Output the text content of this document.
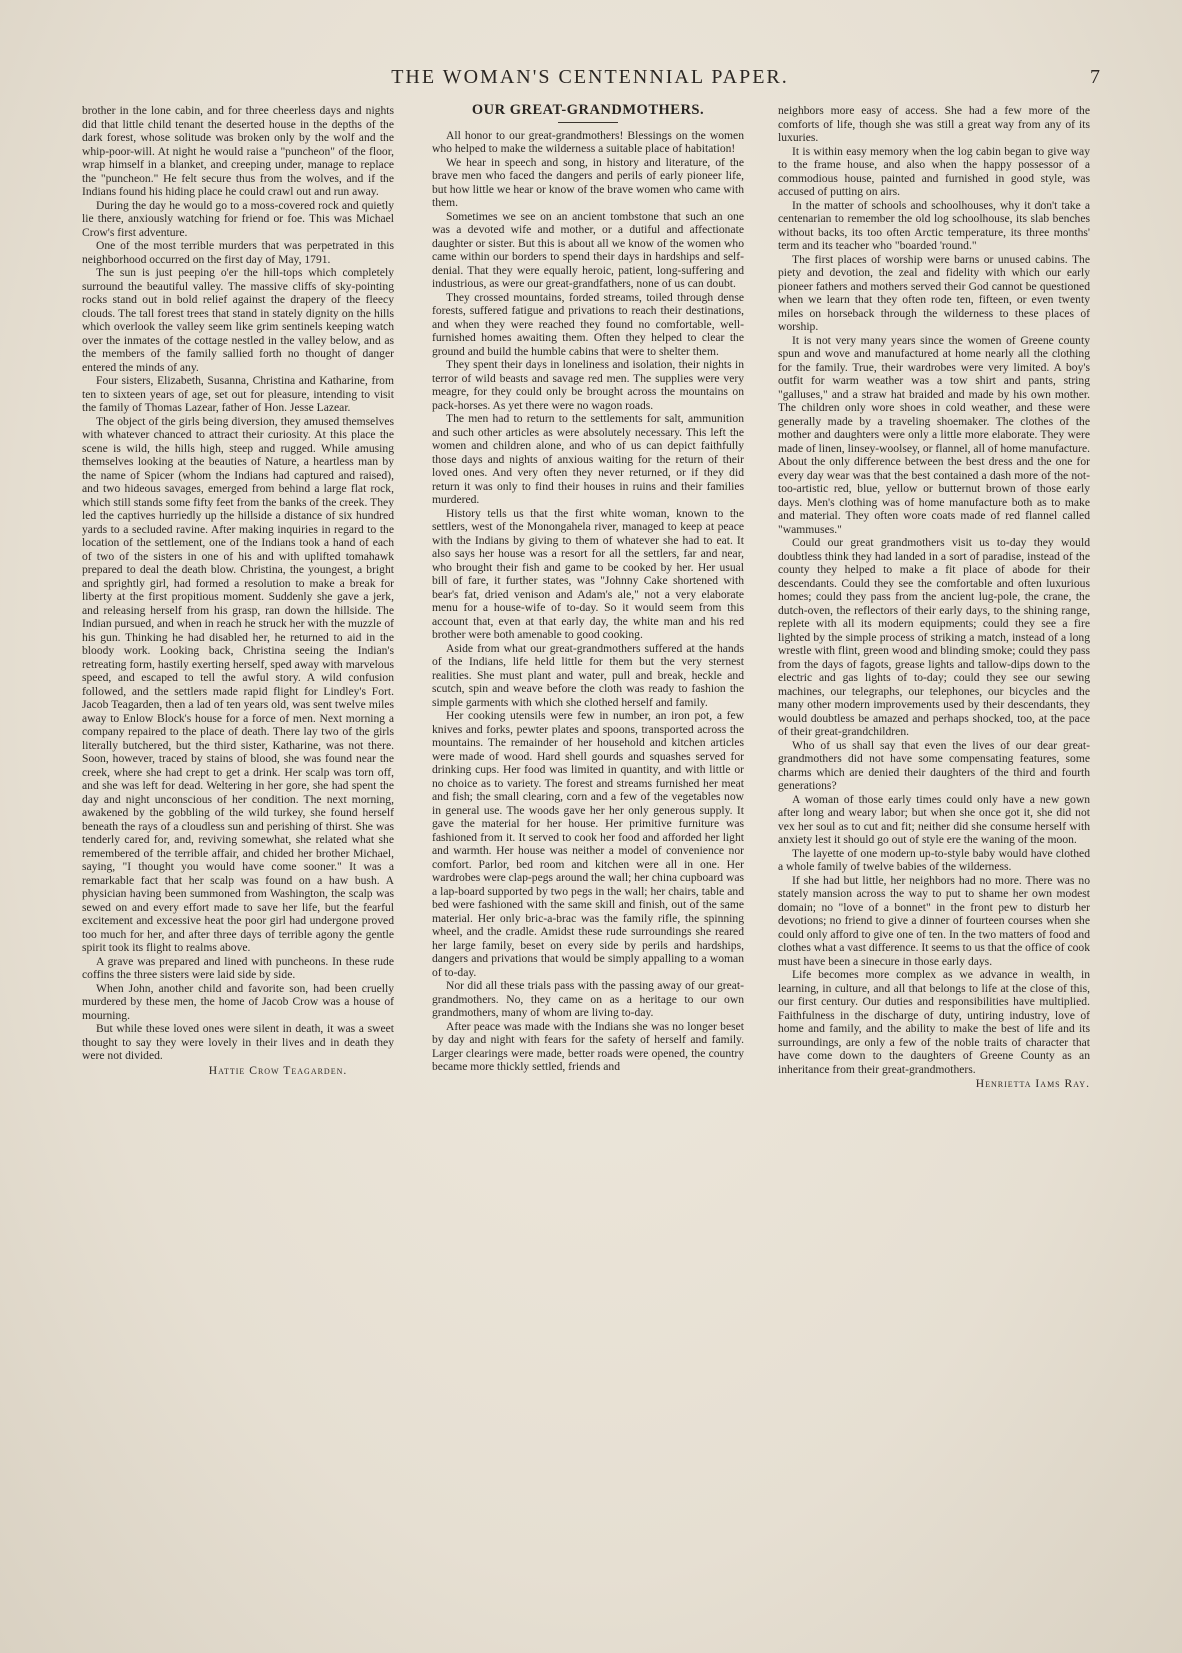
THE WOMAN'S CENTENNIAL PAPER.	7

brother in the lone cabin, and for three cheerless days and nights did that little child tenant the deserted house in the depths of the dark forest, whose solitude was broken only by the wolf and the whip-poor-will. At night he would raise a "puncheon" of the floor, wrap himself in a blanket, and creeping under, manage to replace the "puncheon." He felt secure thus from the wolves, and if the Indians found his hiding place he could crawl out and run away.

During the day he would go to a moss-covered rock and quietly lie there, anxiously watching for friend or foe. This was Michael Crow's first adventure.

One of the most terrible murders that was perpetrated in this neighborhood occurred on the first day of May, 1791.

The sun is just peeping o'er the hill-tops which completely surround the beautiful valley. The massive cliffs of sky-pointing rocks stand out in bold relief against the drapery of the fleecy clouds. The tall forest trees that stand in stately dignity on the hills which overlook the valley seem like grim sentinels keeping watch over the inmates of the cottage nestled in the valley below, and as the members of the family sallied forth no thought of danger entered the minds of any.

Four sisters, Elizabeth, Susanna, Christina and Katharine, from ten to sixteen years of age, set out for pleasure, intending to visit the family of Thomas Lazear, father of Hon. Jesse Lazear.

The object of the girls being diversion, they amused themselves with whatever chanced to attract their curiosity. At this place the scene is wild, the hills high, steep and rugged. While amusing themselves looking at the beauties of Nature, a heartless man by the name of Spicer (whom the Indians had captured and raised), and two hideous savages, emerged from behind a large flat rock, which still stands some fifty feet from the banks of the creek. They led the captives hurriedly up the hillside a distance of six hundred yards to a secluded ravine. After making inquiries in regard to the location of the settlement, one of the Indians took a hand of each of two of the sisters in one of his and with uplifted tomahawk prepared to deal the death blow. Christina, the youngest, a bright and sprightly girl, had formed a resolution to make a break for liberty at the first propitious moment. Suddenly she gave a jerk, and releasing herself from his grasp, ran down the hillside. The Indian pursued, and when in reach he struck her with the muzzle of his gun. Thinking he had disabled her, he returned to aid in the bloody work. Looking back, Christina seeing the Indian's retreating form, hastily exerting herself, sped away with marvelous speed, and escaped to tell the awful story. A wild confusion followed, and the settlers made rapid flight for Lindley's Fort. Jacob Teagarden, then a lad of ten years old, was sent twelve miles away to Enlow Block's house for a force of men. Next morning a company repaired to the place of death. There lay two of the girls literally butchered, but the third sister, Katharine, was not there. Soon, however, traced by stains of blood, she was found near the creek, where she had crept to get a drink. Her scalp was torn off, and she was left for dead. Weltering in her gore, she had spent the day and night unconscious of her condition. The next morning, awakened by the gobbling of the wild turkey, she found herself beneath the rays of a cloudless sun and perishing of thirst. She was tenderly cared for, and, reviving somewhat, she related what she remembered of the terrible affair, and chided her brother Michael, saying, "I thought you would have come sooner." It was a remarkable fact that her scalp was found on a haw bush. A physician having been summoned from Washington, the scalp was sewed on and every effort made to save her life, but the fearful excitement and excessive heat the poor girl had undergone proved too much for her, and after three days of terrible agony the gentle spirit took its flight to realms above.

A grave was prepared and lined with puncheons. In these rude coffins the three sisters were laid side by side.

When John, another child and favorite son, had been cruelly murdered by these men, the home of Jacob Crow was a house of mourning.

But while these loved ones were silent in death, it was a sweet thought to say they were lovely in their lives and in death they were not divided.

Hattie Crow Teagarden.
OUR GREAT-GRANDMOTHERS.

All honor to our great-grandmothers! Blessings on the women who helped to make the wilderness a suitable place of habitation!

We hear in speech and song, in history and literature, of the brave men who faced the dangers and perils of early pioneer life, but how little we hear or know of the brave women who came with them.

Sometimes we see on an ancient tombstone that such an one was a devoted wife and mother, or a dutiful and affectionate daughter or sister. But this is about all we know of the women who came within our borders to spend their days in hardships and self-denial. That they were equally heroic, patient, long-suffering and industrious, as were our great-grandfathers, none of us can doubt.

They crossed mountains, forded streams, toiled through dense forests, suffered fatigue and privations to reach their destinations, and when they were reached they found no comfortable, well-furnished homes awaiting them. Often they helped to clear the ground and build the humble cabins that were to shelter them.

They spent their days in loneliness and isolation, their nights in terror of wild beasts and savage red men. The supplies were very meagre, for they could only be brought across the mountains on pack-horses. As yet there were no wagon roads.

The men had to return to the settlements for salt, ammunition and such other articles as were absolutely necessary. This left the women and children alone, and who of us can depict faithfully those days and nights of anxious waiting for the return of their loved ones. And very often they never returned, or if they did return it was only to find their houses in ruins and their families murdered.

History tells us that the first white woman, known to the settlers, west of the Monongahela river, managed to keep at peace with the Indians by giving to them of whatever she had to eat. It also says her house was a resort for all the settlers, far and near, who brought their fish and game to be cooked by her. Her usual bill of fare, it further states, was "Johnny Cake shortened with bear's fat, dried venison and Adam's ale," not a very elaborate menu for a house-wife of to-day. So it would seem from this account that, even at that early day, the white man and his red brother were both amenable to good cooking.

Aside from what our great-grandmothers suffered at the hands of the Indians, life held little for them but the very sternest realities. She must plant and water, pull and break, heckle and scutch, spin and weave before the cloth was ready to fashion the simple garments with which she clothed herself and family.

Her cooking utensils were few in number, an iron pot, a few knives and forks, pewter plates and spoons, transported across the mountains. The remainder of her household and kitchen articles were made of wood. Hard shell gourds and squashes served for drinking cups. Her food was limited in quantity, and with little or no choice as to variety. The forest and streams furnished her meat and fish; the small clearing, corn and a few of the vegetables now in general use. The woods gave her her only generous supply. It gave the material for her house. Her primitive furniture was fashioned from it. It served to cook her food and afforded her light and warmth. Her house was neither a model of convenience nor comfort. Parlor, bed room and kitchen were all in one. Her wardrobes were clap-pegs around the wall; her china cupboard was a lap-board supported by two pegs in the wall; her chairs, table and bed were fashioned with the same skill and finish, out of the same material. Her only bric-a-brac was the family rifle, the spinning wheel, and the cradle. Amidst these rude surroundings she reared her large family, beset on every side by perils and hardships, dangers and privations that would be simply appalling to a woman of to-day.

Nor did all these trials pass with the passing away of our great-grandmothers. No, they came on as a heritage to our own grandmothers, many of whom are living to-day.

After peace was made with the Indians she was no longer beset by day and night with fears for the safety of herself and family. Larger clearings were made, better roads were opened, the country became more thickly settled, friends and

neighbors more easy of access. She had a few more of the comforts of life, though she was still a great way from any of its luxuries.

It is within easy memory when the log cabin began to give way to the frame house, and also when the happy possessor of a commodious house, painted and furnished in good style, was accused of putting on airs.

In the matter of schools and schoolhouses, why it don't take a centenarian to remember the old log schoolhouse, its slab benches without backs, its too often Arctic temperature, its three months' term and its teacher who "boarded 'round."

The first places of worship were barns or unused cabins. The piety and devotion, the zeal and fidelity with which our early pioneer fathers and mothers served their God cannot be questioned when we learn that they often rode ten, fifteen, or even twenty miles on horseback through the wilderness to these places of worship.

It is not very many years since the women of Greene county spun and wove and manufactured at home nearly all the clothing for the family. True, their wardrobes were very limited. A boy's outfit for warm weather was a tow shirt and pants, string "galluses," and a straw hat braided and made by his own mother. The children only wore shoes in cold weather, and these were generally made by a traveling shoemaker. The clothes of the mother and daughters were only a little more elaborate. They were made of linen, linsey-woolsey, or flannel, all of home manufacture. About the only difference between the best dress and the one for every day wear was that the best contained a dash more of the not-too-artistic red, blue, yellow or butternut brown of those early days. Men's clothing was of home manufacture both as to make and material. They often wore coats made of red flannel called "wammuses."

Could our great grandmothers visit us to-day they would doubtless think they had landed in a sort of paradise, instead of the county they helped to make a fit place of abode for their descendants. Could they see the comfortable and often luxurious homes; could they pass from the ancient lug-pole, the crane, the dutch-oven, the reflectors of their early days, to the shining range, replete with all its modern equipments; could they see a fire lighted by the simple process of striking a match, instead of a long wrestle with flint, green wood and blinding smoke; could they pass from the days of fagots, grease lights and tallow-dips down to the electric and gas lights of to-day; could they see our sewing machines, our telegraphs, our telephones, our bicycles and the many other modern improvements used by their descendants, they would doubtless be amazed and perhaps shocked, too, at the pace of their great-grandchildren.

Who of us shall say that even the lives of our dear great-grandmothers did not have some compensating features, some charms which are denied their daughters of the third and fourth generations?

A woman of those early times could only have a new gown after long and weary labor; but when she once got it, she did not vex her soul as to cut and fit; neither did she consume herself with anxiety lest it should go out of style ere the waning of the moon.

The layette of one modern up-to-style baby would have clothed a whole family of twelve babies of the wilderness.

If she had but little, her neighbors had no more. There was no stately mansion across the way to put to shame her own modest domain; no "love of a bonnet" in the front pew to disturb her devotions; no friend to give a dinner of fourteen courses when she could only afford to give one of ten. In the two matters of food and clothes what a vast difference. It seems to us that the office of cook must have been a sinecure in those early days.

Life becomes more complex as we advance in wealth, in learning, in culture, and all that belongs to life at the close of this, our first century. Our duties and responsibilities have multiplied. Faithfulness in the discharge of duty, untiring industry, love of home and family, and the ability to make the best of life and its surroundings, are only a few of the noble traits of character that have come down to the daughters of Greene County as an inheritance from their great-grandmothers.

Henrietta Iams Ray.
